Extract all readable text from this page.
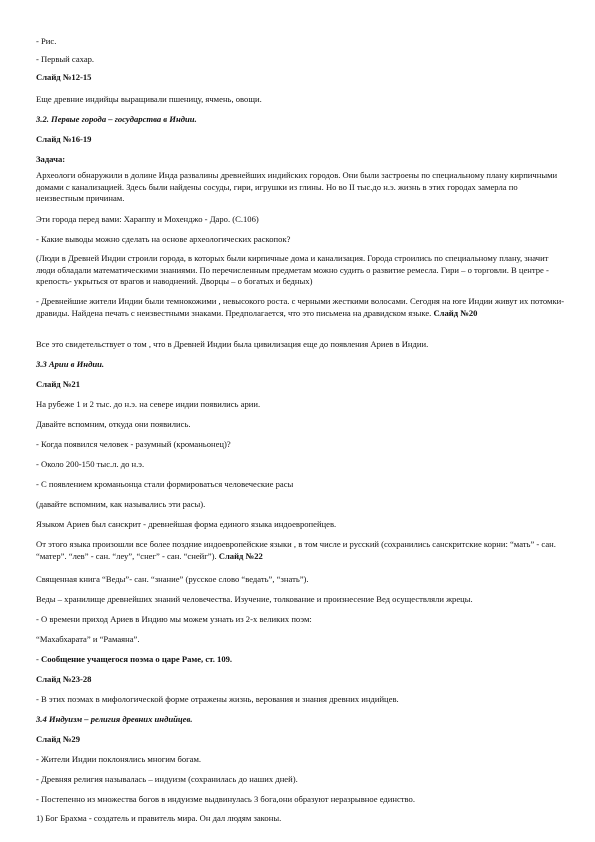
- Рис.

- Первый сахар.

Слайд №12-15

Еще древние индийцы выращивали пшеницу, ячмень, овощи.

3.2. Первые города – государства в Индии.

Слайд №16-19

Задача:

Археологи обнаружили в долине Инда развалины древнейших индийских городов. Они были застроены по специальному плану кирпичными домами с канализацией. Здесь были найдены сосуды, гири, игрушки из глины. Но во II тыс.до н.э. жизнь в этих городах замерла по неизвестным причинам.

Эти города перед вами: Хараппу и Мохенджо - Даро. (С.106)

- Какие выводы можно сделать на основе археологических раскопок?

(Люди в Древней Индии строили города, в которых были кирпичные дома и канализация. Города строились по специальному плану, значит люди обладали математическими знаниями. По перечисленным предметам можно судить о развитие ремесла. Гири – о торговли. В центре - крепость- укрыться от врагов и наводнений. Дворцы – о богатых и бедных)

- Древнейшие жители Индии были темнокожими , невысокого роста. с черными жесткими волосами. Сегодня на юге Индии живут их потомки- дравиды. Найдена печать с неизвестными знаками. Предполагается, что это письмена на дравидском языке. Слайд №20

Все это свидетельствует о том , что в Древней Индии была цивилизация еще до появления Ариев в Индии.

3.3 Арии в Индии.

Слайд №21

На рубеже 1 и 2 тыс. до н.э. на севере индии появились арии.

Давайте вспомним, откуда они появились.

- Когда появился человек - разумный (кроманьонец)?

- Около 200-150 тыс.л. до н.э.

- С появлением кроманьонца стали формироваться человеческие расы

(давайте вспомним, как назывались эти расы).

Языком Ариев был санскрит - древнейшая форма единого языка индоевропейцев.

От этого языка произошли все более поздние индоевропейские языки , в том числе и русский (сохранились санскритские корни: “мать” - сан. “матер”. “лев” - сан. “леу”, “снег” - сан. “снейг”). Слайд №22

Священная книга “Веды”- сан. “знание” (русское слово “ведать”, “знать”).

Веды – хранилище древнейших знаний человечества. Изучение, толкование и произнесение Вед осуществляли жрецы.

- О времени приход Ариев в Индию мы можем узнать из 2-х великих поэм:

“Махабхарата” и “Рамаяна”.

- Сообщение учащегося поэма о царе Раме, ст. 109.

Слайд №23-28

- В этих поэмах в мифологической форме отражены жизнь, верования и знания древних индийцев.

3.4 Индуизм – религия древних индийцев.

Слайд №29

- Жители Индии поклонялись многим богам.

- Древняя религия называлась – индуизм (сохранилась до наших дней).

- Постепенно из множества богов в индуизме выдвинулась 3 бога,они образуют неразрывное единство.

1) Бог Брахма - создатель и правитель мира. Он дал людям законы.
